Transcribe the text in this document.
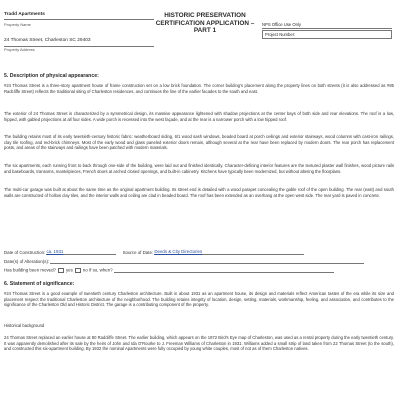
Tradd Apartments
Property Name
24 Thomas Street, Charleston SC 29403
Property Address
HISTORIC PRESERVATION
CERTIFICATION APPLICATION –
PART 1
NPS Office Use Only
Project Number:
5. Description of physical appearance:
#24 Thomas Street is a three-story apartment house of frame construction set on a low brick foundation. The corner building's placement along the property lines on both streets (it is also addressed as #85 Radcliffe Street) reflects the traditional siting of Charleston residences, and continues the line of the earlier facades to the south and east.
The exterior of 24 Thomas Street is characterized by a symmetrical design, its massive appearance lightened with shadow projections at the center bays of both side and rear elevations. The roof is a low, hipped, with gabled projections at all four sides. A wide porch is recessed into the west façade, and at the rear is a narrower porch with a low hipped roof.
The building retains most of its early twentieth-century historic fabric: weatherboard siding, 6/1 wood sash windows, beaded board at porch ceilings and exterior stairways, wood columns with cast-iron railings, clay tile roofing, and red-brick chimneys. Most of the early wood and glass paneled exterior doors remain, although several at the rear have been replaced by modern doors. The rear porch has replacement posts, and areas of the stairways and railings have been patched with modern materials.
The six apartments, each running front to back through one-side of the building, were laid out and finished identically. Character-defining interior features are the textured plaster wall finishes, wood picture rails and baseboards, transoms, mantelpieces, French doors at arched closed openings, and built-in cabinetry. Kitchens have typically been modernized, but without altering the floorplans.
The multi-car garage was built at about the same time as the original apartment building. Its street end is detailed with a wood parapet concealing the gable roof of the open building. The rear (east) and south walls are constructed of hollow clay tiles, and the interior walls and ceiling are clad in beaded board. The roof has been extended as an overhang at the open west side. The rear yard is paved in concrete.
Date of Construction: ca. 1931	Source of Date: Deeds & City Directories
Date(s) of Alteration(s):
Has building been moved? yes no If so, when?
6. Statement of significance:
#24 Thomas Street is a good example of twentieth century Charleston architecture. Built in about 1931 as an apartment house, its design and materials reflect American tastes of the era while its size and placement respect the traditional Charleston architecture of the neighborhood. The building retains integrity of location, design, setting, materials, workmanship, feeling, and association, and contributes to the significance of the Charleston Old and Historic District. The garage is a contributing component of the property.
Historical background
24 Thomas Street replaced an earlier house at 80 Radcliffe Street. The earlier building, which appears on the 1872 Bird's Eye map of Charleston, was used as a rental property during the early twentieth century. It was apparently demolished after its sale by the heirs of John and Ida O'Rourke to J. Freeman Williams of Charleston in 1931. Williams added a small strip of land taken from 22 Thomas Street (to the south), and constructed this six-apartment building. By 1932 the nominal Apartments were fully occupied by young white couples, most of not as of them Charleston natives.
